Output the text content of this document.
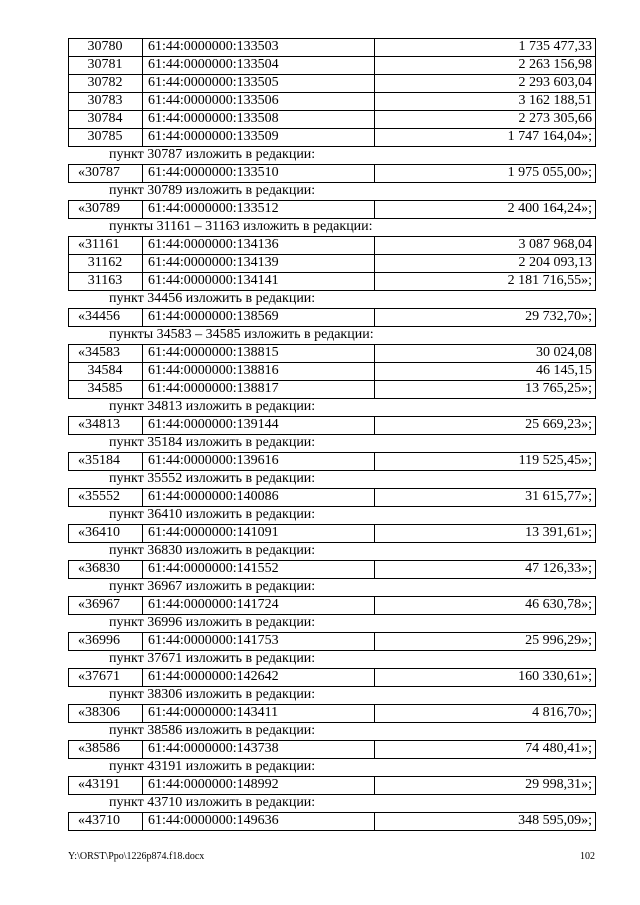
30780	61:44:0000000:133503	1 735 477,33
30781	61:44:0000000:133504	2 263 156,98
30782	61:44:0000000:133505	2 293 603,04
30783	61:44:0000000:133506	3 162 188,51
30784	61:44:0000000:133508	2 273 305,66
30785	61:44:0000000:133509	1 747 164,04»;
пункт 30787 изложить в редакции:
«30787	61:44:0000000:133510	1 975 055,00»;
пункт 30789 изложить в редакции:
«30789	61:44:0000000:133512	2 400 164,24»;
пункты 31161 – 31163 изложить в редакции:
«31161	61:44:0000000:134136	3 087 968,04
31162	61:44:0000000:134139	2 204 093,13
31163	61:44:0000000:134141	2 181 716,55»;
пункт 34456 изложить в редакции:
«34456	61:44:0000000:138569	29 732,70»;
пункты 34583 – 34585 изложить в редакции:
«34583	61:44:0000000:138815	30 024,08
34584	61:44:0000000:138816	46 145,15
34585	61:44:0000000:138817	13 765,25»;
пункт 34813 изложить в редакции:
«34813	61:44:0000000:139144	25 669,23»;
пункт 35184 изложить в редакции:
«35184	61:44:0000000:139616	119 525,45»;
пункт 35552 изложить в редакции:
«35552	61:44:0000000:140086	31 615,77»;
пункт 36410 изложить в редакции:
«36410	61:44:0000000:141091	13 391,61»;
пункт 36830 изложить в редакции:
«36830	61:44:0000000:141552	47 126,33»;
пункт 36967 изложить в редакции:
«36967	61:44:0000000:141724	46 630,78»;
пункт 36996 изложить в редакции:
«36996	61:44:0000000:141753	25 996,29»;
пункт 37671 изложить в редакции:
«37671	61:44:0000000:142642	160 330,61»;
пункт 38306 изложить в редакции:
«38306	61:44:0000000:143411	4 816,70»;
пункт 38586 изложить в редакции:
«38586	61:44:0000000:143738	74 480,41»;
пункт 43191 изложить в редакции:
«43191	61:44:0000000:148992	29 998,31»;
пункт 43710 изложить в редакции:
«43710	61:44:0000000:149636	348 595,09»;
Y:\ORST\Ppo\1226p874.f18.docx	102
